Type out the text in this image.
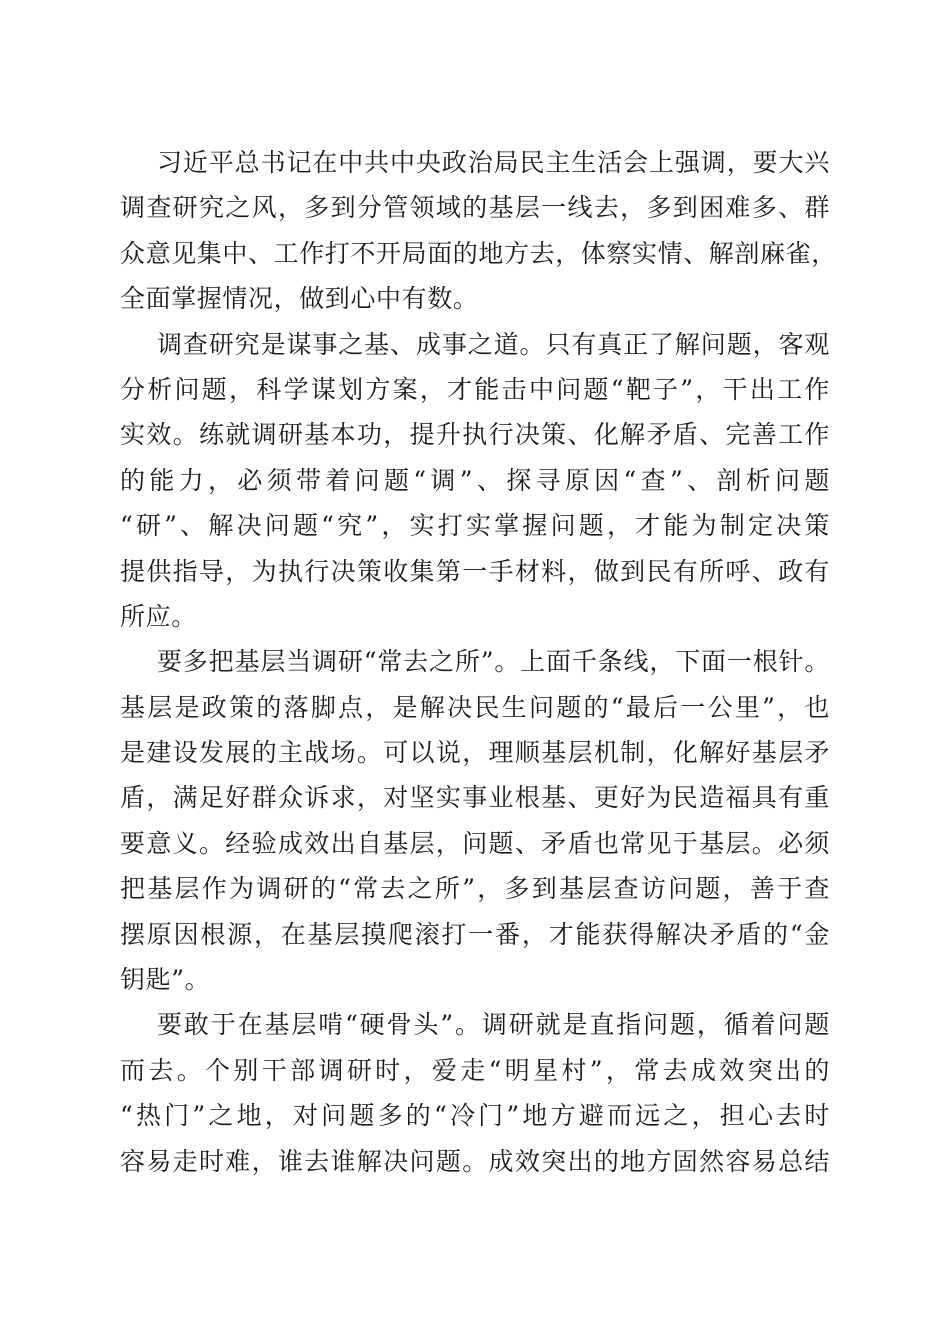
习近平总书记在中共中央政治局民主生活会上强调，要大兴
调查研究之风，多到分管领域的基层一线去，多到困难多、群
众意见集中、工作打不开局面的地方去，体察实情、解剖麻雀，
全面掌握情况，做到心中有数。
调查研究是谋事之基、成事之道。只有真正了解问题，客观
分析问题，科学谋划方案，才能击中问题“靶子”，干出工作
实效。练就调研基本功，提升执行决策、化解矛盾、完善工作
的能力，必须带着问题“调”、探寻原因“查”、剖析问题
“研”、解决问题“究”，实打实掌握问题，才能为制定决策
提供指导，为执行决策收集第一手材料，做到民有所呼、政有
所应。
要多把基层当调研“常去之所”。上面千条线，下面一根针。
基层是政策的落脚点，是解决民生问题的“最后一公里”，也
是建设发展的主战场。可以说，理顺基层机制，化解好基层矛
盾，满足好群众诉求，对坚实事业根基、更好为民造福具有重
要意义。经验成效出自基层，问题、矛盾也常见于基层。必须
把基层作为调研的“常去之所”，多到基层查访问题，善于查
摆原因根源，在基层摸爬滚打一番，才能获得解决矛盾的“金
钥匙”。
要敢于在基层啃“硬骨头”。调研就是直指问题，循着问题
而去。个别干部调研时，爱走“明星村”，常去成效突出的
“热门”之地，对问题多的“冷门”地方避而远之，担心去时
容易走时难，谁去谁解决问题。成效突出的地方固然容易总结
